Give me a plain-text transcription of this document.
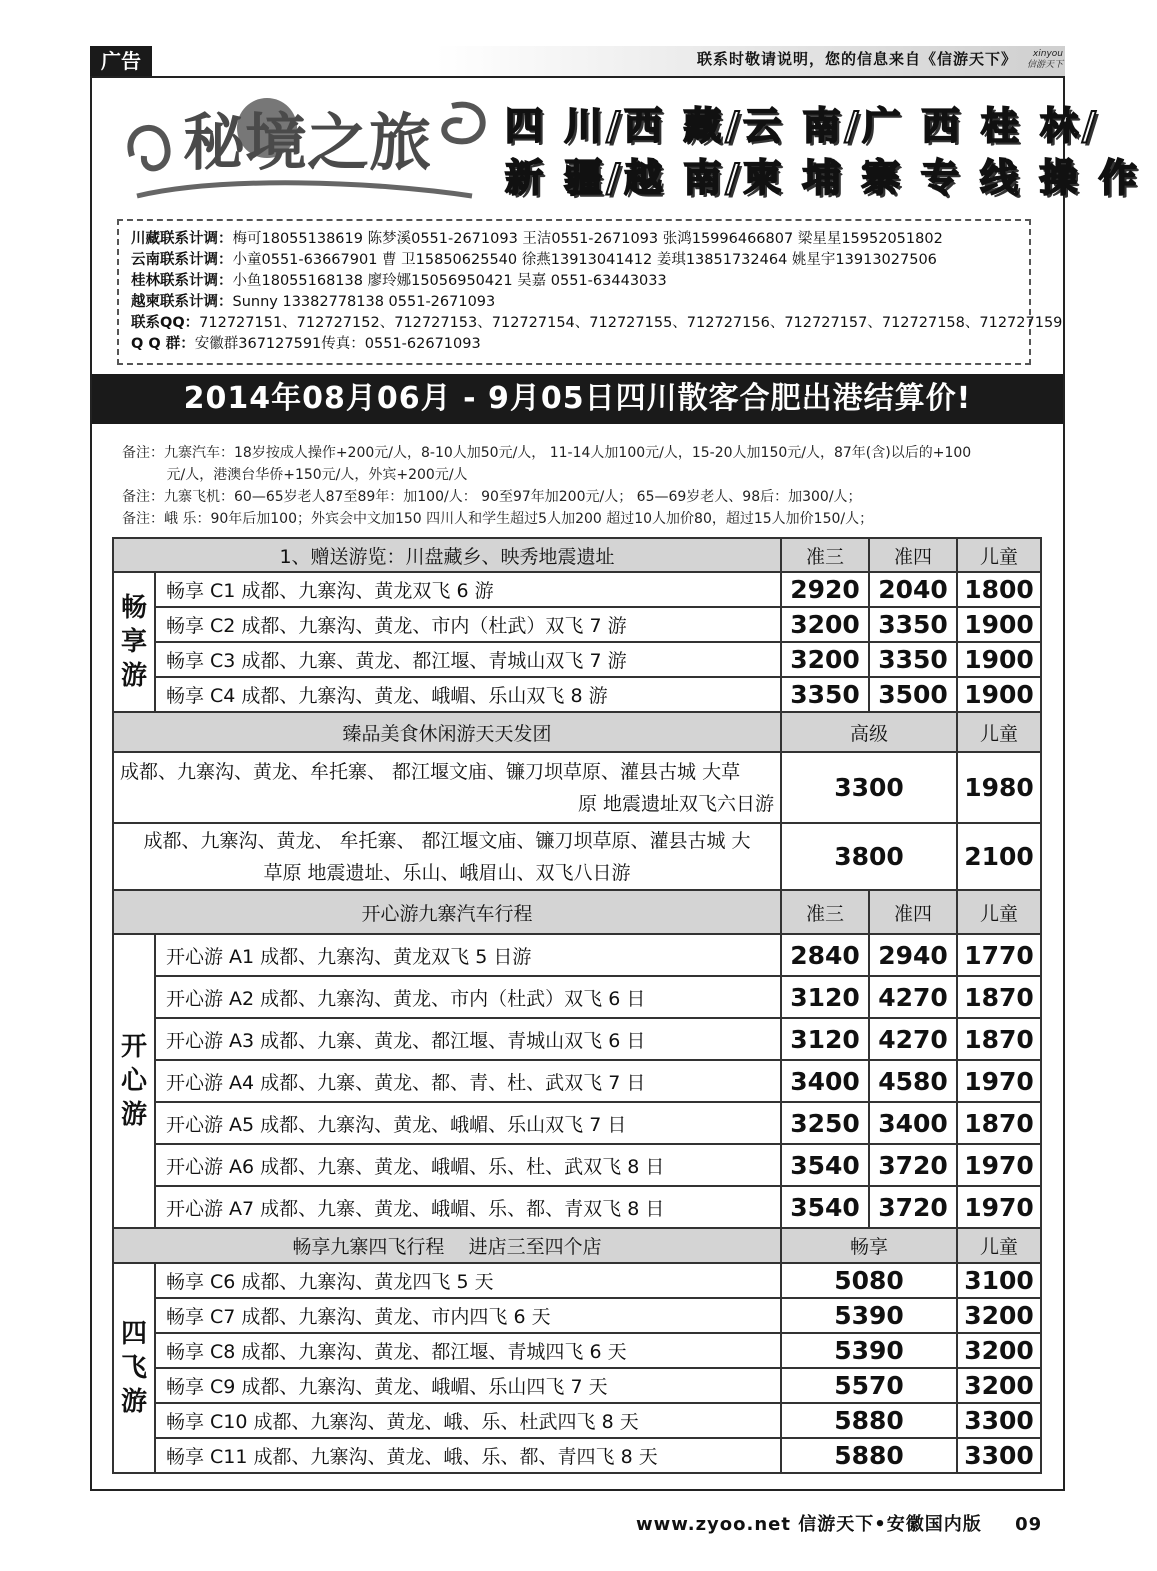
广告	联系时敬请说明，您的信息来自《信游天下》	xinyou
信游天下
秘境之旅 四 川/西 藏/云 南/广 西 桂 林/
新 疆/越 南/柬 埔 寨 专 线 操 作
川藏联系计调：梅可18055138619 陈梦溪0551-2671093 王洁0551-2671093 张鸿15996466807 梁星星15952051802
云南联系计调：小童0551-63667901 曹 卫15850625540 徐燕13913041412 姜琪13851732464 姚星宇13913027506
桂林联系计调：小鱼18055168138 廖玲娜15056950421 吴嘉 0551-63443033
越柬联系计调：Sunny 13382778138 0551-2671093
联系QQ：712727151、712727152、712727153、712727154、712727155、712727156、712727157、712727158、712727159
Q Q 群：安徽群367127591传真：0551-62671093
2014年08月06月 - 9月05日四川散客合肥出港结算价!
备注：九寨汽车：18岁按成人操作+200元/人，8-10人加50元/人， 11-14人加100元/人，15-20人加150元/人，87年(含)以后的+100
元/人，港澳台华侨+150元/人，外宾+200元/人
备注：九寨飞机：60—65岁老人87至89年：加100/人： 90至97年加200元/人； 65—69岁老人、98后：加300/人；
备注：峨 乐：90年后加100；外宾会中文加150 四川人和学生超过5人加200 超过10人加价80，超过15人加价150/人；
1、赠送游览：川盘藏乡、映秀地震遗址		准三	准四	儿童

畅享游	畅享 C1 成都、九寨沟、黄龙双飞 6 游	2920	2040	1800
	畅享 C2 成都、九寨沟、黄龙、市内（杜武）双飞 7 游	3200	3350	1900
	畅享 C3 成都、九寨、黄龙、都江堰、青城山双飞 7 游	3200	3350	1900
	畅享 C4 成都、九寨沟、黄龙、峨嵋、乐山双飞 8 游	3350	3500	1900
臻品美食休闲游天天发团		高级		儿童

成都、九寨沟、黄龙、牟托寨、 都江堰文庙、镰刀坝草原、灌县古城 大草
原 地震遗址双飞六日游		3300		1980

成都、九寨沟、黄龙、 牟托寨、 都江堰文庙、镰刀坝草原、灌县古城 大
草原 地震遗址、乐山、峨眉山、双飞八日游		3800		2100
开心游九寨汽车行程		准三	准四	儿童

开心游	开心游 A1 成都、九寨沟、黄龙双飞 5 日游	2840	2940	1770
	开心游 A2 成都、九寨沟、黄龙、市内（杜武）双飞 6 日	3120	4270	1870
	开心游 A3 成都、九寨、黄龙、都江堰、青城山双飞 6 日	3120	4270	1870
	开心游 A4 成都、九寨、黄龙、都、青、杜、武双飞 7 日	3400	4580	1970
	开心游 A5 成都、九寨沟、黄龙、峨嵋、乐山双飞 7 日	3250	3400	1870
	开心游 A6 成都、九寨、黄龙、峨嵋、乐、杜、武双飞 8 日	3540	3720	1970
	开心游 A7 成都、九寨、黄龙、峨嵋、乐、都、青双飞 8 日	3540	3720	1970
畅享九寨四飞行程    进店三至四个店		畅享		儿童

四飞游	畅享 C6 成都、九寨沟、黄龙四飞 5 天	5080		3100
	畅享 C7 成都、九寨沟、黄龙、市内四飞 6 天	5390		3200
	畅享 C8 成都、九寨沟、黄龙、都江堰、青城四飞 6 天	5390		3200
	畅享 C9 成都、九寨沟、黄龙、峨嵋、乐山四飞 7 天	5570		3200
	畅享 C10 成都、九寨沟、黄龙、峨、乐、杜武四飞 8 天	5880		3300
	畅享 C11 成都、九寨沟、黄龙、峨、乐、都、青四飞 8 天	5880		3300
www.zyoo.net 信游天下•安徽国内版 09
